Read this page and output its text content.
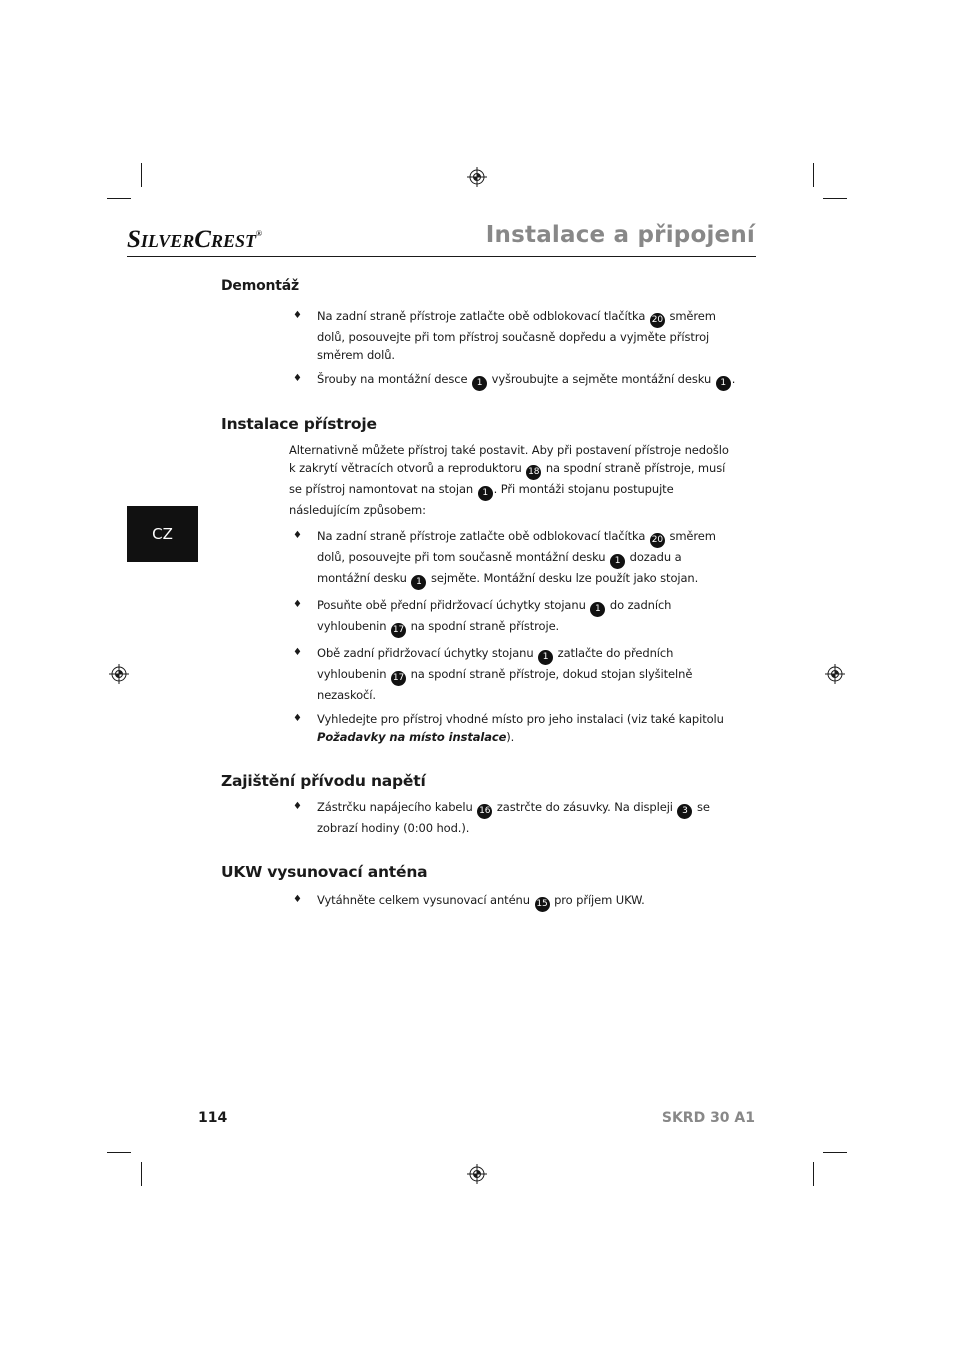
SILVERCREST®	Instalace a připojení
CZ
Demontáž
♦ Na zadní straně přístroje zatlačte obě odblokovací tlačítka 20 směrem dolů, posouvejte při tom přístroj současně dopředu a vyjměte přístroj směrem dolů.
♦ Šrouby na montážní desce 1 vyšroubujte a sejměte montážní desku 1 .
Instalace přístroje

Alternativně můžete přístroj také postavit. Aby při postavení přístroje nedošlo k zakrytí větracích otvorů a reproduktoru 18 na spodní straně přístroje, musí se přístroj namontovat na stojan 1 . Při montáži stojanu postupujte následujícím způsobem:

♦ Na zadní straně přístroje zatlačte obě odblokovací tlačítka 20 směrem dolů, posouvejte při tom současně montážní desku 1 dozadu a montážní desku 1 sejměte. Montážní desku lze použít jako stojan.
♦ Posuňte obě přední přidržovací úchytky stojanu 1 do zadních vyhloubenin 17 na spodní straně přístroje.
♦ Obě zadní přidržovací úchytky stojanu 1 zatlačte do předních vyhloubenin 17 na spodní straně přístroje, dokud stojan slyšitelně nezaskočí.
♦ Vyhledejte pro přístroj vhodné místo pro jeho instalaci (viz také kapitolu Požadavky na místo instalace).
Zajištění přívodu napětí
♦ Zástrčku napájecího kabelu 16 zastrčte do zásuvky. Na displeji 3 se zobrazí hodiny (0:00 hod.).
UKW vysunovací anténa
♦ Vytáhněte celkem vysunovací anténu 15 pro příjem UKW.

114	SKRD 30 A1
